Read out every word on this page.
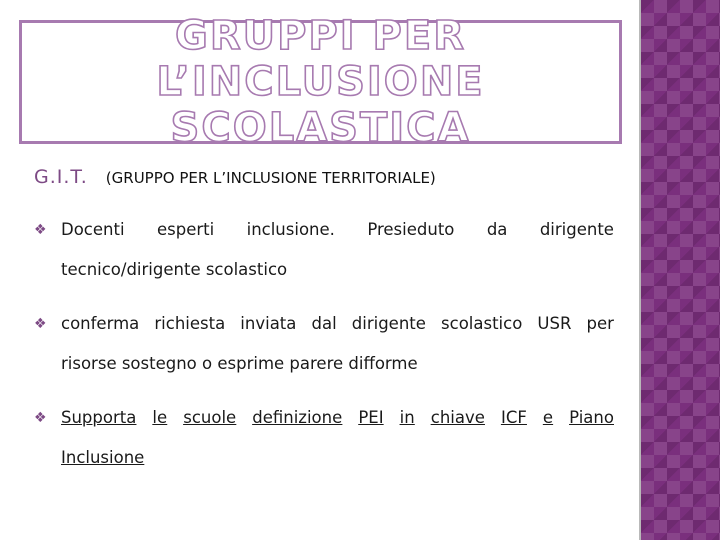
GRUPPI PER L’INCLUSIONE
SCOLASTICA
G.I.T. (GRUPPO PER L’INCLUSIONE TERRITORIALE)
❖ Docenti esperti inclusione. Presieduto da dirigente
tecnico/dirigente scolastico
❖ conferma richiesta inviata dal dirigente scolastico USR per
risorse sostegno o esprime parere difforme
❖ Supporta le scuole definizione PEI in chiave ICF e Piano
Inclusione
